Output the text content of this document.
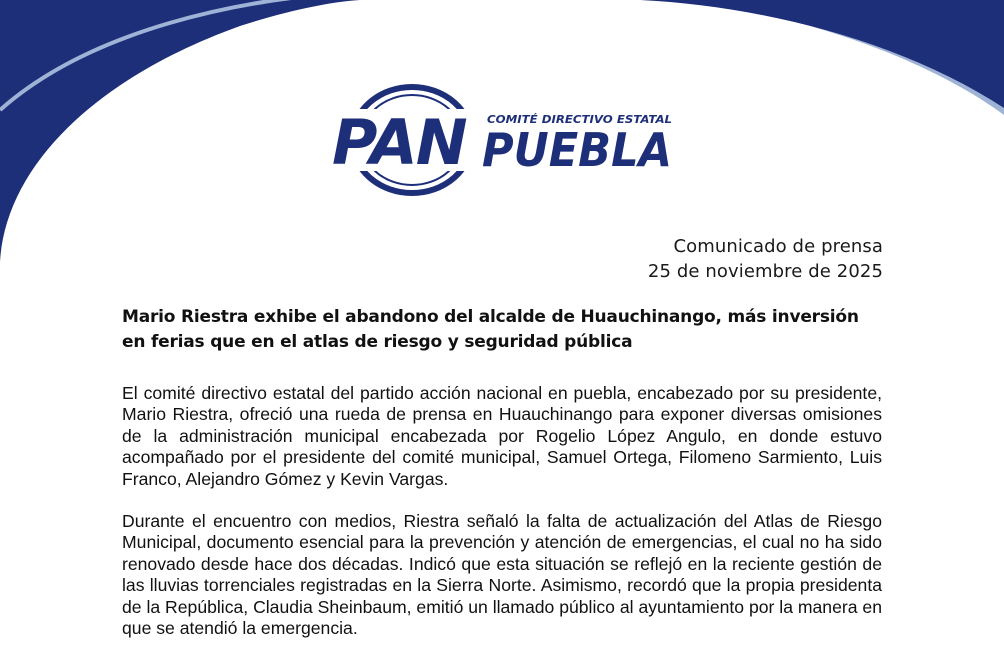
PAN COMITÉ DIRECTIVO ESTATAL
PUEBLA
Comunicado de prensa
25 de noviembre de 2025
Mario Riestra exhibe el abandono del alcalde de Huauchinango, más inversión en ferias que en el atlas de riesgo y seguridad pública

El comité directivo estatal del partido acción nacional en puebla, encabezado por su presidente, Mario Riestra, ofreció una rueda de prensa en Huauchinango para exponer diversas omisiones de la administración municipal encabezada por Rogelio López Angulo, en donde estuvo acompañado por el presidente del comité municipal, Samuel Ortega, Filomeno Sarmiento, Luis Franco, Alejandro Gómez y Kevin Vargas.

Durante el encuentro con medios, Riestra señaló la falta de actualización del Atlas de Riesgo Municipal, documento esencial para la prevención y atención de emergencias, el cual no ha sido renovado desde hace dos décadas. Indicó que esta situación se reflejó en la reciente gestión de las lluvias torrenciales registradas en la Sierra Norte. Asimismo, recordó que la propia presidenta de la República, Claudia Sheinbaum, emitió un llamado público al ayuntamiento por la manera en que se atendió la emergencia.
